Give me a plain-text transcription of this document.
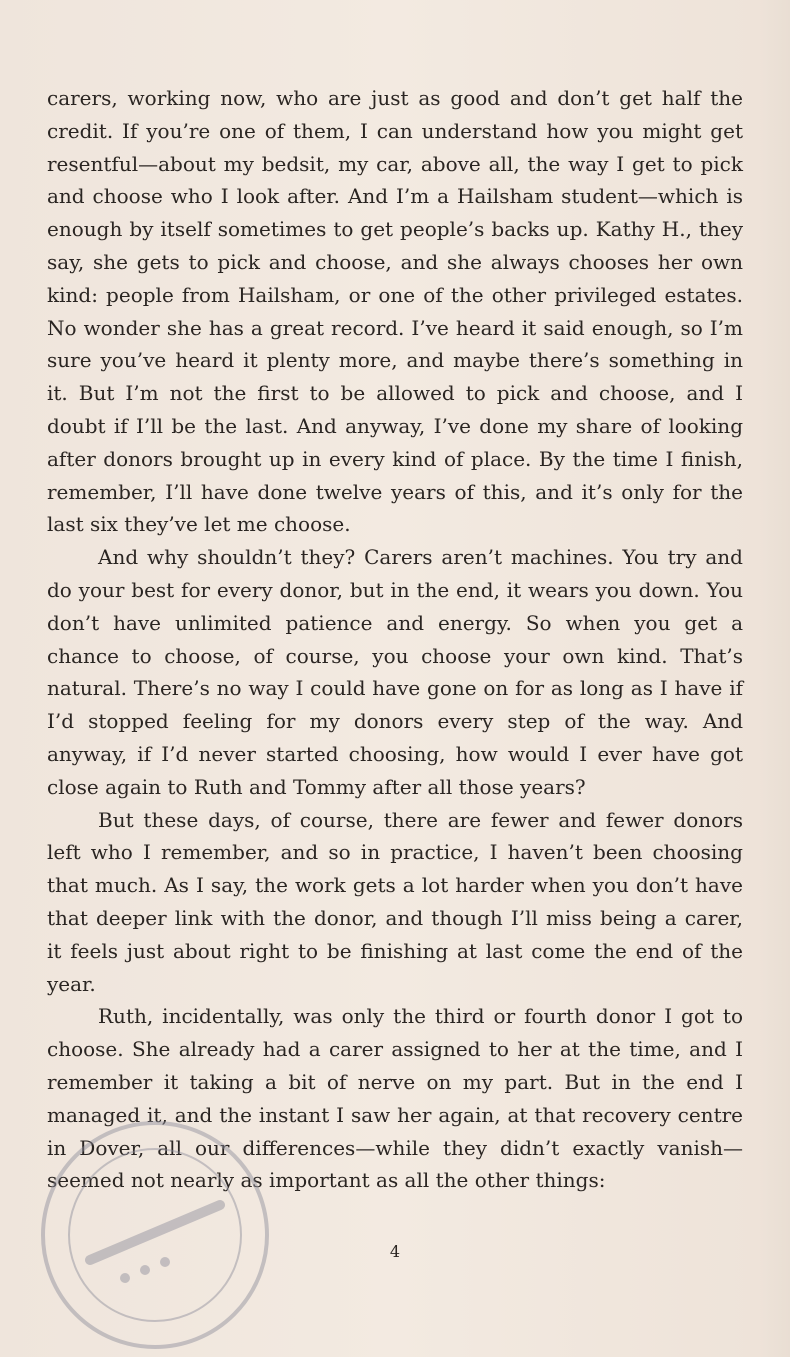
carers, working now, who are just as good and don’t get half the credit. If you’re one of them, I can understand how you might get resentful—about my bedsit, my car, above all, the way I get to pick and choose who I look after. And I’m a Hailsham student—which is enough by itself sometimes to get people’s backs up. Kathy H., they say, she gets to pick and choose, and she always chooses her own kind: people from Hailsham, or one of the other privileged estates. No wonder she has a great record. I’ve heard it said enough, so I’m sure you’ve heard it plenty more, and maybe there’s something in it. But I’m not the first to be allowed to pick and choose, and I doubt if I’ll be the last. And anyway, I’ve done my share of looking after donors brought up in every kind of place. By the time I finish, remember, I’ll have done twelve years of this, and it’s only for the last six they’ve let me choose.

And why shouldn’t they? Carers aren’t machines. You try and do your best for every donor, but in the end, it wears you down. You don’t have unlimited patience and energy. So when you get a chance to choose, of course, you choose your own kind. That’s natural. There’s no way I could have gone on for as long as I have if I’d stopped feeling for my donors every step of the way. And anyway, if I’d never started choosing, how would I ever have got close again to Ruth and Tommy after all those years?

But these days, of course, there are fewer and fewer donors left who I remember, and so in practice, I haven’t been choosing that much. As I say, the work gets a lot harder when you don’t have that deeper link with the donor, and though I’ll miss being a carer, it feels just about right to be finishing at last come the end of the year.

Ruth, incidentally, was only the third or fourth donor I got to choose. She already had a carer assigned to her at the time, and I remember it taking a bit of nerve on my part. But in the end I managed it, and the instant I saw her again, at that recovery centre in Dover, all our differences—while they didn’t exactly vanish—seemed not nearly as important as all the other things:

4
